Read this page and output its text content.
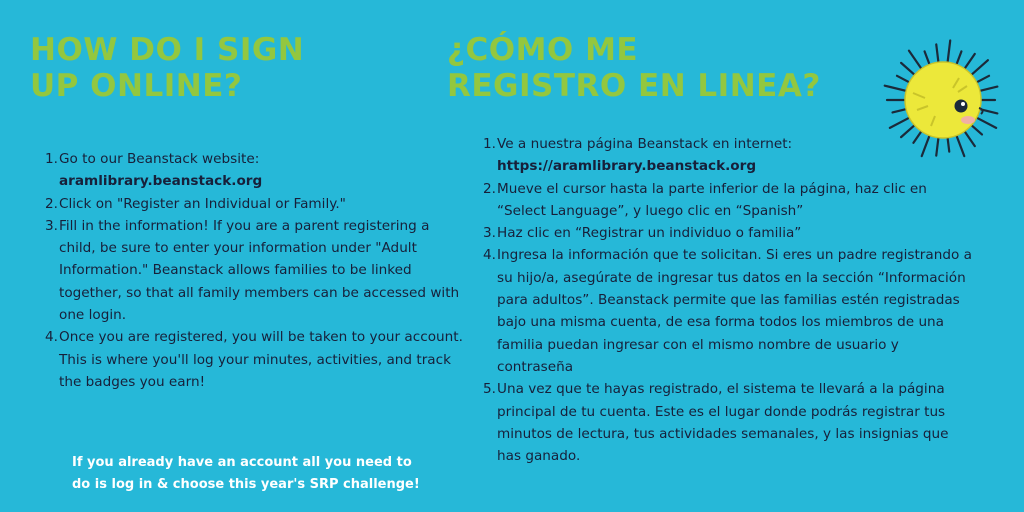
HOW DO I SIGN
UP ONLINE?
¿CÓMO ME
REGISTRO EN LINEA?
1. Go to our Beanstack website:
aramlibrary.beanstack.org
2. Click on "Register an Individual or Family."
3. Fill in the information! If you are a parent registering a child, be sure to enter your information under "Adult Information." Beanstack allows families to be linked together, so that all family members can be accessed with one login.
4. Once you are registered, you will be taken to your account. This is where you'll log your minutes, activities, and track the badges you earn!
If you already have an account all you need to
do is log in & choose this year's SRP challenge!
1. Ve a nuestra página Beanstack en internet:
https://aramlibrary.beanstack.org
2. Mueve el cursor hasta la parte inferior de la página, haz clic en “Select Language”, y luego clic en “Spanish”
3. Haz clic en “Registrar un individuo o familia”
4. Ingresa la información que te solicitan. Si eres un padre registrando a su hijo/a, asegúrate de ingresar tus datos en la sección “Información para adultos”. Beanstack permite que las familias estén registradas bajo una misma cuenta, de esa forma todos los miembros de una familia puedan ingresar con el mismo nombre de usuario y contraseña
5. Una vez que te hayas registrado, el sistema te llevará a la página principal de tu cuenta. Este es el lugar donde podrás registrar tus minutos de lectura, tus actividades semanales, y las insignias que has ganado.
